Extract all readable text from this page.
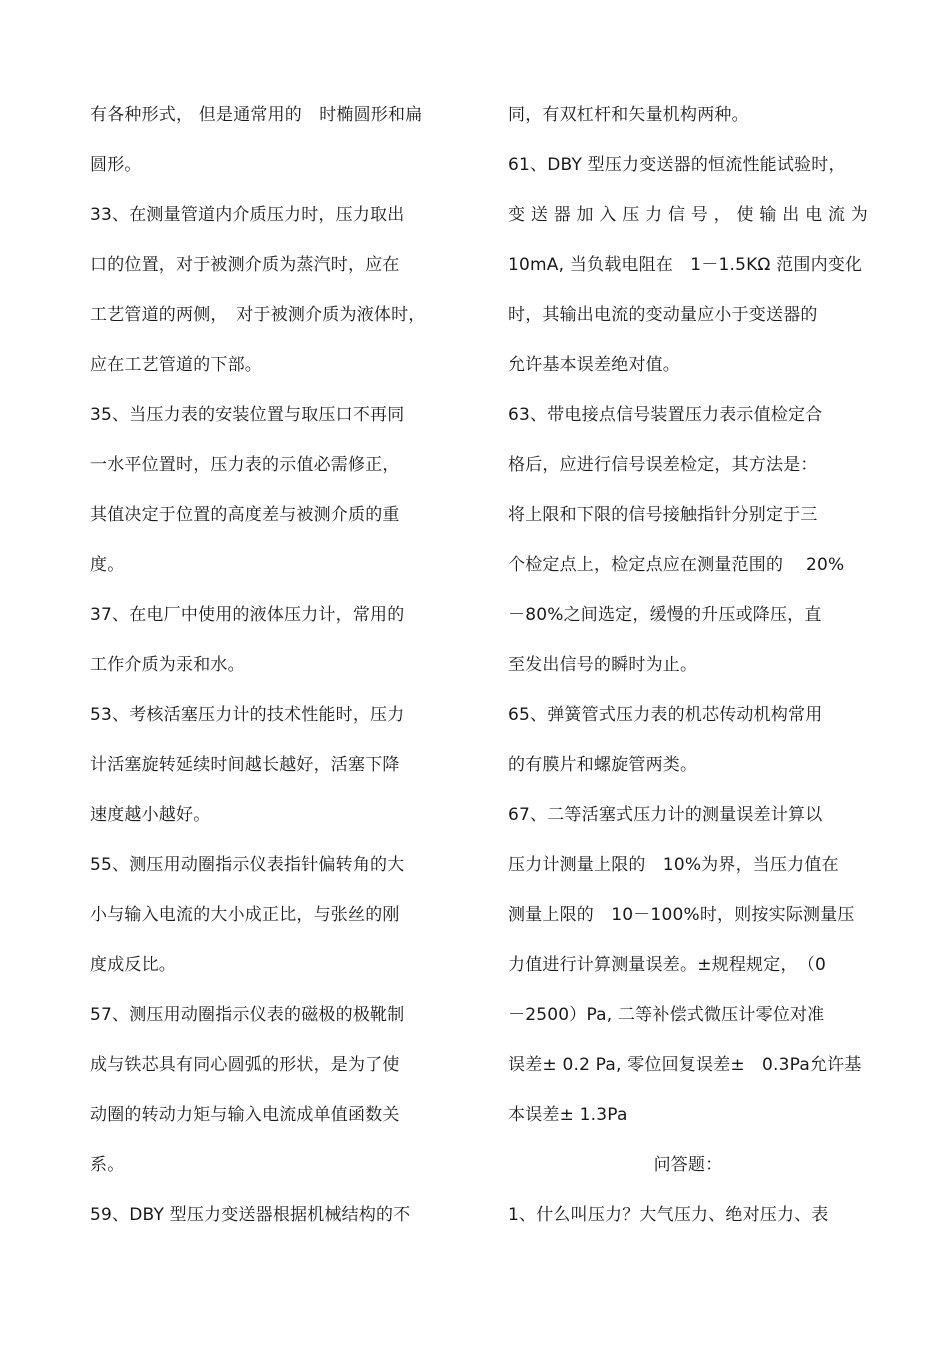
有各种形式， 但是通常用的　时椭圆形和扁
圆形。
33、在测量管道内介质压力时，压力取出
口的位置，对于被测介质为蒸汽时，应在
工艺管道的两侧，　对于被测介质为液体时，
应在工艺管道的下部。
35、当压力表的安装位置与取压口不再同
一水平位置时，压力表的示值必需修正，
其值决定于位置的高度差与被测介质的重
度。
37、在电厂中使用的液体压力计，常用的
工作介质为汞和水。
53、考核活塞压力计的技术性能时，压力
计活塞旋转延续时间越长越好，活塞下降
速度越小越好。
55、测压用动圈指示仪表指针偏转角的大
小与输入电流的大小成正比，与张丝的刚
度成反比。
57、测压用动圈指示仪表的磁极的极靴制
成与铁芯具有同心圆弧的形状，是为了使
动圈的转动力矩与输入电流成单值函数关
系。
59、DBY 型压力变送器根据机械结构的不
同，有双杠杆和矢量机构两种。
61、DBY 型压力变送器的恒流性能试验时，
变送器加入压力信号，使输出电流为
10mA, 当负载电阻在　1－1.5KΩ 范围内变化
时，其输出电流的变动量应小于变送器的
允许基本误差绝对值。
63、带电接点信号装置压力表示值检定合
格后，应进行信号误差检定，其方法是：
将上限和下限的信号接触指针分别定于三
个检定点上，检定点应在测量范围的　 20%
－80%之间选定，缓慢的升压或降压，直
至发出信号的瞬时为止。
65、弹簧管式压力表的机芯传动机构常用
的有膜片和螺旋管两类。
67、二等活塞式压力计的测量误差计算以
压力计测量上限的　10%为界，当压力值在
测量上限的　10－100%时，则按实际测量压
力值进行计算测量误差。±规程规定，　（0
－2500）Pa, 二等补偿式微压计零位对准
误差± 0.2 Pa, 零位回复误差±　0.3Pa允许基
本误差± 1.3Pa
问答题：
1、什么叫压力？大气压力、绝对压力、表
